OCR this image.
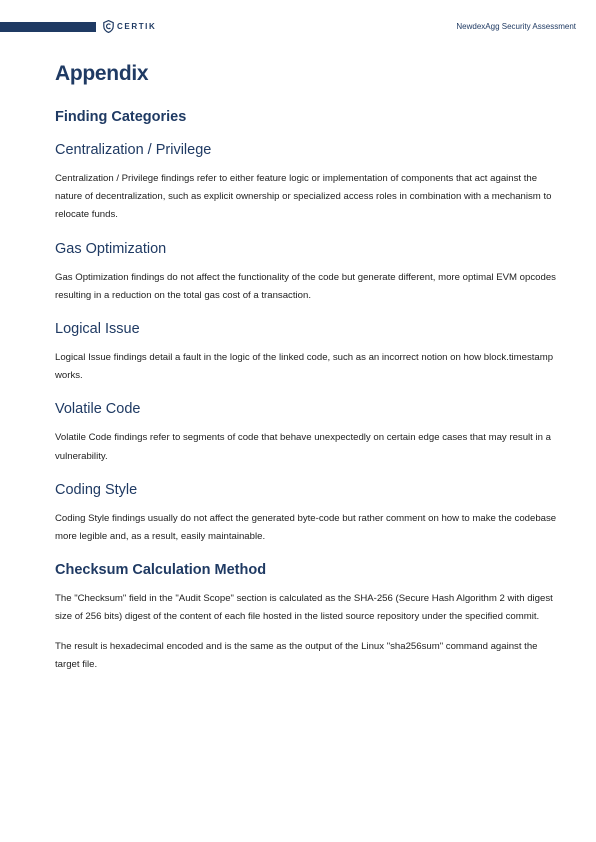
CERTIK	NewdexAgg Security Assessment
Appendix
Finding Categories
Centralization / Privilege
Centralization / Privilege findings refer to either feature logic or implementation of components that act against the nature of decentralization, such as explicit ownership or specialized access roles in combination with a mechanism to relocate funds.
Gas Optimization
Gas Optimization findings do not affect the functionality of the code but generate different, more optimal EVM opcodes resulting in a reduction on the total gas cost of a transaction.
Logical Issue
Logical Issue findings detail a fault in the logic of the linked code, such as an incorrect notion on how block.timestamp works.
Volatile Code
Volatile Code findings refer to segments of code that behave unexpectedly on certain edge cases that may result in a vulnerability.
Coding Style
Coding Style findings usually do not affect the generated byte-code but rather comment on how to make the codebase more legible and, as a result, easily maintainable.
Checksum Calculation Method
The "Checksum" field in the "Audit Scope" section is calculated as the SHA-256 (Secure Hash Algorithm 2 with digest size of 256 bits) digest of the content of each file hosted in the listed source repository under the specified commit.
The result is hexadecimal encoded and is the same as the output of the Linux "sha256sum" command against the target file.
